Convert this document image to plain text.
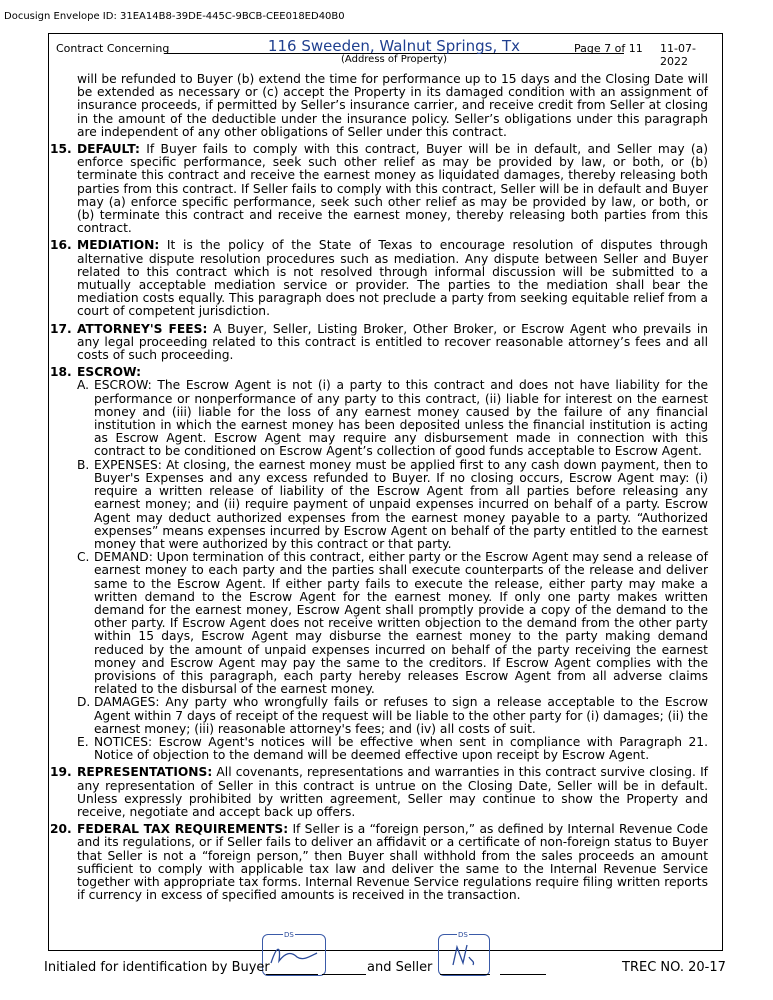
Docusign Envelope ID: 31EA14B8-39DE-445C-9BCB-CEE018ED40B0
Contract Concerning	116 Sweeden, Walnut Springs, Tx
(Address of Property)
Page 7 of 11 11-07-2022
will be refunded to Buyer (b) extend the time for performance up to 15 days and the Closing Date will be extended as necessary or (c) accept the Property in its damaged condition with an assignment of insurance proceeds, if permitted by Seller’s insurance carrier, and receive credit from Seller at closing in the amount of the deductible under the insurance policy. Seller’s obligations under this paragraph are independent of any other obligations of Seller under this contract.
15. DEFAULT: If Buyer fails to comply with this contract, Buyer will be in default, and Seller may (a) enforce specific performance, seek such other relief as may be provided by law, or both, or (b) terminate this contract and receive the earnest money as liquidated damages, thereby releasing both parties from this contract. If Seller fails to comply with this contract, Seller will be in default and Buyer may (a) enforce specific performance, seek such other relief as may be provided by law, or both, or (b) terminate this contract and receive the earnest money, thereby releasing both parties from this contract.
16. MEDIATION: It is the policy of the State of Texas to encourage resolution of disputes through alternative dispute resolution procedures such as mediation. Any dispute between Seller and Buyer related to this contract which is not resolved through informal discussion will be submitted to a mutually acceptable mediation service or provider. The parties to the mediation shall bear the mediation costs equally. This paragraph does not preclude a party from seeking equitable relief from a court of competent jurisdiction.
17. ATTORNEY'S FEES: A Buyer, Seller, Listing Broker, Other Broker, or Escrow Agent who prevails in any legal proceeding related to this contract is entitled to recover reasonable attorney’s fees and all costs of such proceeding.
18. ESCROW:
A. ESCROW: The Escrow Agent is not (i) a party to this contract and does not have liability for the performance or nonperformance of any party to this contract, (ii) liable for interest on the earnest money and (iii) liable for the loss of any earnest money caused by the failure of any financial institution in which the earnest money has been deposited unless the financial institution is acting as Escrow Agent. Escrow Agent may require any disbursement made in connection with this contract to be conditioned on Escrow Agent’s collection of good funds acceptable to Escrow Agent.
B. EXPENSES: At closing, the earnest money must be applied first to any cash down payment, then to Buyer's Expenses and any excess refunded to Buyer. If no closing occurs, Escrow Agent may: (i) require a written release of liability of the Escrow Agent from all parties before releasing any earnest money; and (ii) require payment of unpaid expenses incurred on behalf of a party. Escrow Agent may deduct authorized expenses from the earnest money payable to a party. “Authorized expenses” means expenses incurred by Escrow Agent on behalf of the party entitled to the earnest money that were authorized by this contract or that party.
C. DEMAND: Upon termination of this contract, either party or the Escrow Agent may send a release of earnest money to each party and the parties shall execute counterparts of the release and deliver same to the Escrow Agent. If either party fails to execute the release, either party may make a written demand to the Escrow Agent for the earnest money. If only one party makes written demand for the earnest money, Escrow Agent shall promptly provide a copy of the demand to the other party. If Escrow Agent does not receive written objection to the demand from the other party within 15 days, Escrow Agent may disburse the earnest money to the party making demand reduced by the amount of unpaid expenses incurred on behalf of the party receiving the earnest money and Escrow Agent may pay the same to the creditors. If Escrow Agent complies with the provisions of this paragraph, each party hereby releases Escrow Agent from all adverse claims related to the disbursal of the earnest money.
D. DAMAGES: Any party who wrongfully fails or refuses to sign a release acceptable to the Escrow Agent within 7 days of receipt of the request will be liable to the other party for (i) damages; (ii) the earnest money; (iii) reasonable attorney's fees; and (iv) all costs of suit.
E. NOTICES: Escrow Agent's notices will be effective when sent in compliance with Paragraph 21. Notice of objection to the demand will be deemed effective upon receipt by Escrow Agent.
19. REPRESENTATIONS: All covenants, representations and warranties in this contract survive closing. If any representation of Seller in this contract is untrue on the Closing Date, Seller will be in default. Unless expressly prohibited by written agreement, Seller may continue to show the Property and receive, negotiate and accept back up offers.
20. FEDERAL TAX REQUIREMENTS: If Seller is a “foreign person,” as defined by Internal Revenue Code and its regulations, or if Seller fails to deliver an affidavit or a certificate of non-foreign status to Buyer that Seller is not a “foreign person,” then Buyer shall withhold from the sales proceeds an amount sufficient to comply with applicable tax law and deliver the same to the Internal Revenue Service together with appropriate tax forms. Internal Revenue Service regulations require filing written reports if currency in excess of specified amounts is received in the transaction.
DS	DS
Initialed for identification by Buyer	and Seller	TREC NO. 20-17
